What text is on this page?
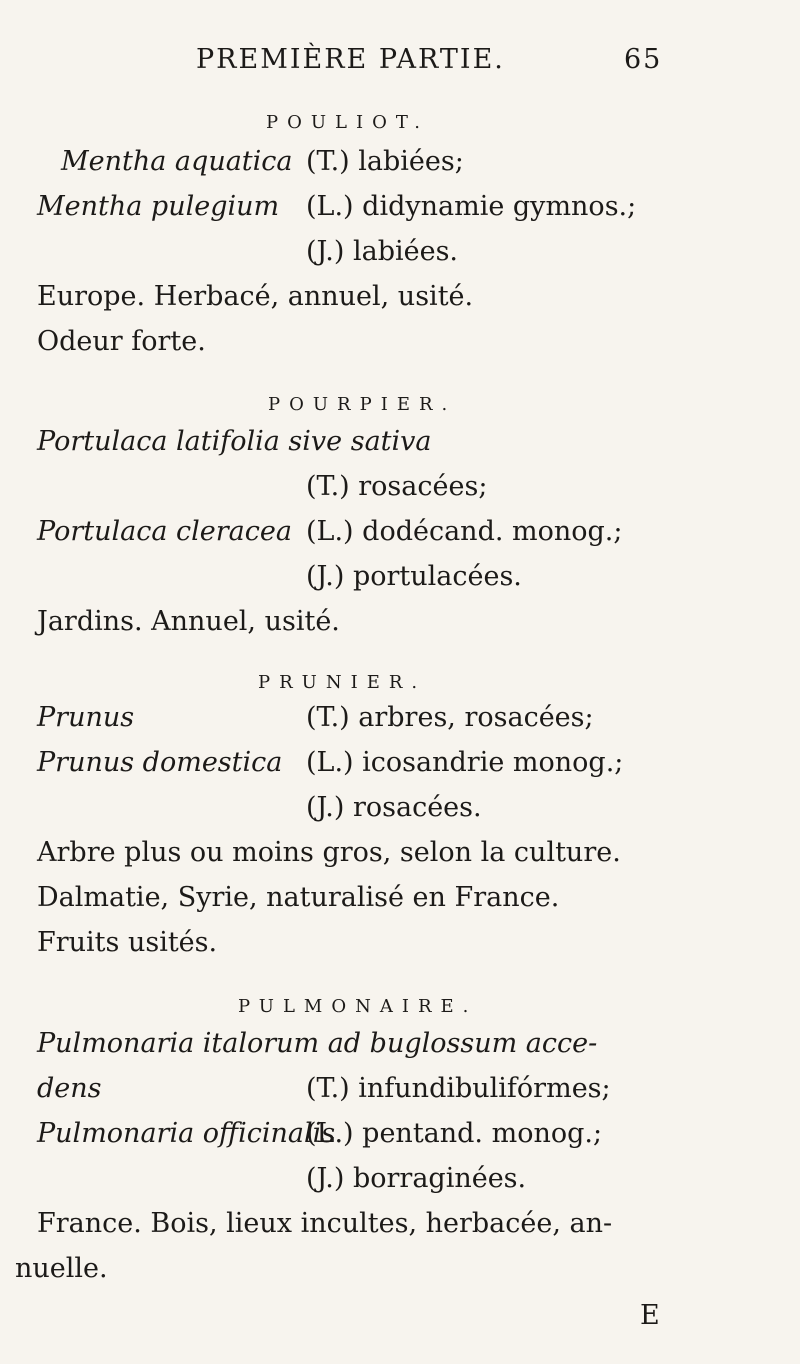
PREMIÈRE PARTIE.	65
POULIOT.
Mentha aquatica (T.) labiées;
Mentha pulegium (L.) didynamie gymnos.;
(J.) labiées.
Europe. Herbacé, annuel, usité.
Odeur forte.
POURPIER.
Portulaca latifolia sive sativa
(T.) rosacées;
Portulaca cleracea (L.) dodécand. monog.;
(J.) portulacées.
Jardins. Annuel, usité.
PRUNIER.
Prunus	(T.) arbres, rosacées;
Prunus domestica (L.) icosandrie monog.;
(J.) rosacées.
Arbre plus ou moins gros, selon la culture.
Dalmatie, Syrie, naturalisé en France.
Fruits usités.
PULMONAIRE.
Pulmonaria italorum ad buglossum acce-
dens	(T.) infundibulifórmes;
Pulmonaria officinalis
(L.) pentand. monog.;
(J.) borraginées.
France. Bois, lieux incultes, herbacée, an-
nuelle.
E
